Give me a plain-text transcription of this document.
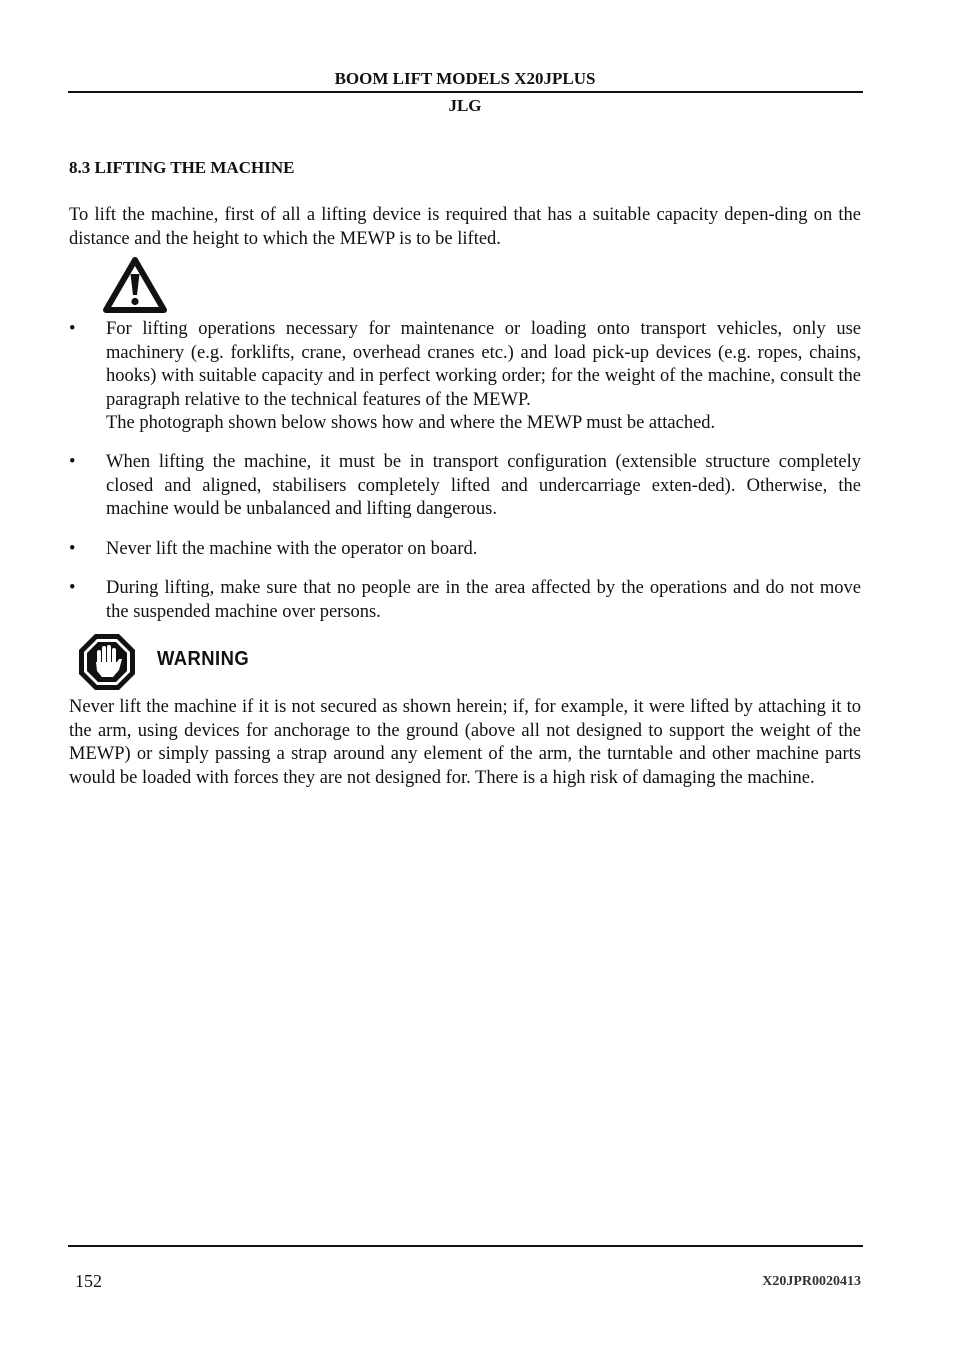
BOOM LIFT MODELS X20JPLUS
JLG
8.3 LIFTING THE MACHINE

To lift the machine, first of all a lifting device is required that has a suitable capacity depen-ding on the distance and the height to which the MEWP is to be lifted.

•	For lifting operations necessary for maintenance or loading onto transport vehicles, only use machinery (e.g. forklifts, crane, overhead cranes etc.) and load pick-up devices (e.g. ropes, chains, hooks) with suitable capacity and in perfect working order; for the weight of the machine, consult the paragraph relative to the technical features of the MEWP.
The photograph shown below shows how and where the MEWP must be attached.
•	When lifting the machine, it must be in transport configuration (extensible structure completely closed and aligned, stabilisers completely lifted and undercarriage exten-ded). Otherwise, the machine would be unbalanced and lifting dangerous.
•	Never lift the machine with the operator on board.
•	During lifting, make sure that no people are in the area affected by the operations and do not move the suspended machine over persons.
WARNING

Never lift the machine if it is not secured as shown herein; if, for example, it were lifted by attaching it to the arm, using devices for anchorage to the ground (above all not designed to support the weight of the MEWP) or simply passing a strap around any element of the arm, the turntable and other machine parts would be loaded with forces they are not designed for. There is a high risk of damaging the machine.

152	X20JPR0020413
